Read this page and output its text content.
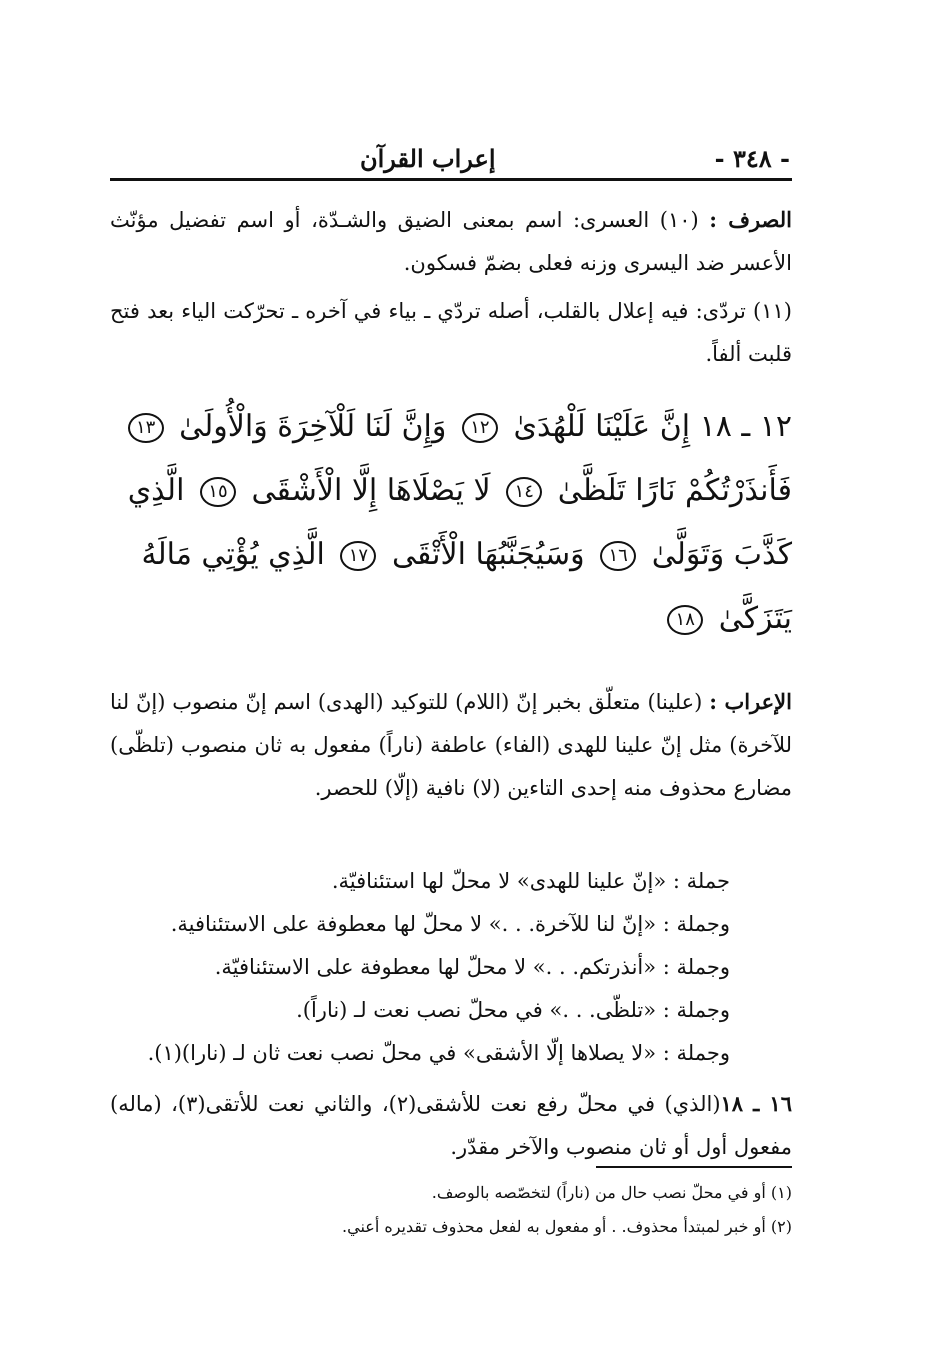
إعراب القرآن	- ٣٤٨ -

الصرف : (١٠) العسرى: اسم بمعنى الضيق والشـدّة، أو اسم تفضيل مؤنّث الأعسر ضد اليسرى وزنه فعلى بضمّ فسكون.

(١١) تردّى: فيه إعلال بالقلب، أصله تردّي ـ بياء في آخره ـ تحرّكت الياء بعد فتح قلبت ألفاً.

١٢ ـ ١٨ إِنَّ عَلَيْنَا لَلْهُدَىٰ ١٢ وَإِنَّ لَنَا لَلْآخِرَةَ وَالْأُولَىٰ ١٣
فَأَنذَرْتُكُمْ نَارًا تَلَظَّىٰ ١٤ لَا يَصْلَاهَا إِلَّا الْأَشْقَى ١٥ الَّذِي
كَذَّبَ وَتَوَلَّىٰ ١٦ وَسَيُجَنَّبُهَا الْأَتْقَى ١٧ الَّذِي يُؤْتِي مَالَهُ
يَتَزَكَّىٰ ١٨

الإعراب : (علينا) متعلّق بخبر إنّ (اللام) للتوكيد (الهدى) اسم إنّ منصوب (إنّ لنا للآخرة) مثل إنّ علينا للهدى (الفاء) عاطفة (ناراً) مفعول به ثان منصوب (تلظّى) مضارع محذوف منه إحدى التاءين (لا) نافية (إلّا) للحصر.

جملة : «إنّ علينا للهدى» لا محلّ لها استئنافيّة.
وجملة : «إنّ لنا للآخرة. . .» لا محلّ لها معطوفة على الاستئنافية.
وجملة : «أنذرتكم. . .» لا محلّ لها معطوفة على الاستئنافيّة.
وجملة : «تلظّى. . .» في محلّ نصب نعت لـ (ناراً).
وجملة : «لا يصلاها إلّا الأشقى» في محلّ نصب نعت ثان لـ (نارا)(١).

١٦ ـ ١٨(الذي) في محلّ رفع نعت للأشقى(٢)، والثاني نعت للأتقى(٣)، (ماله) مفعول أول أو ثان منصوب والآخر مقدّر.

(١) أو في محلّ نصب حال من (ناراً) لتخصّصه بالوصف.
(٢) أو خبر لمبتدأ محذوف. . أو مفعول به لفعل محذوف تقديره أعني.
